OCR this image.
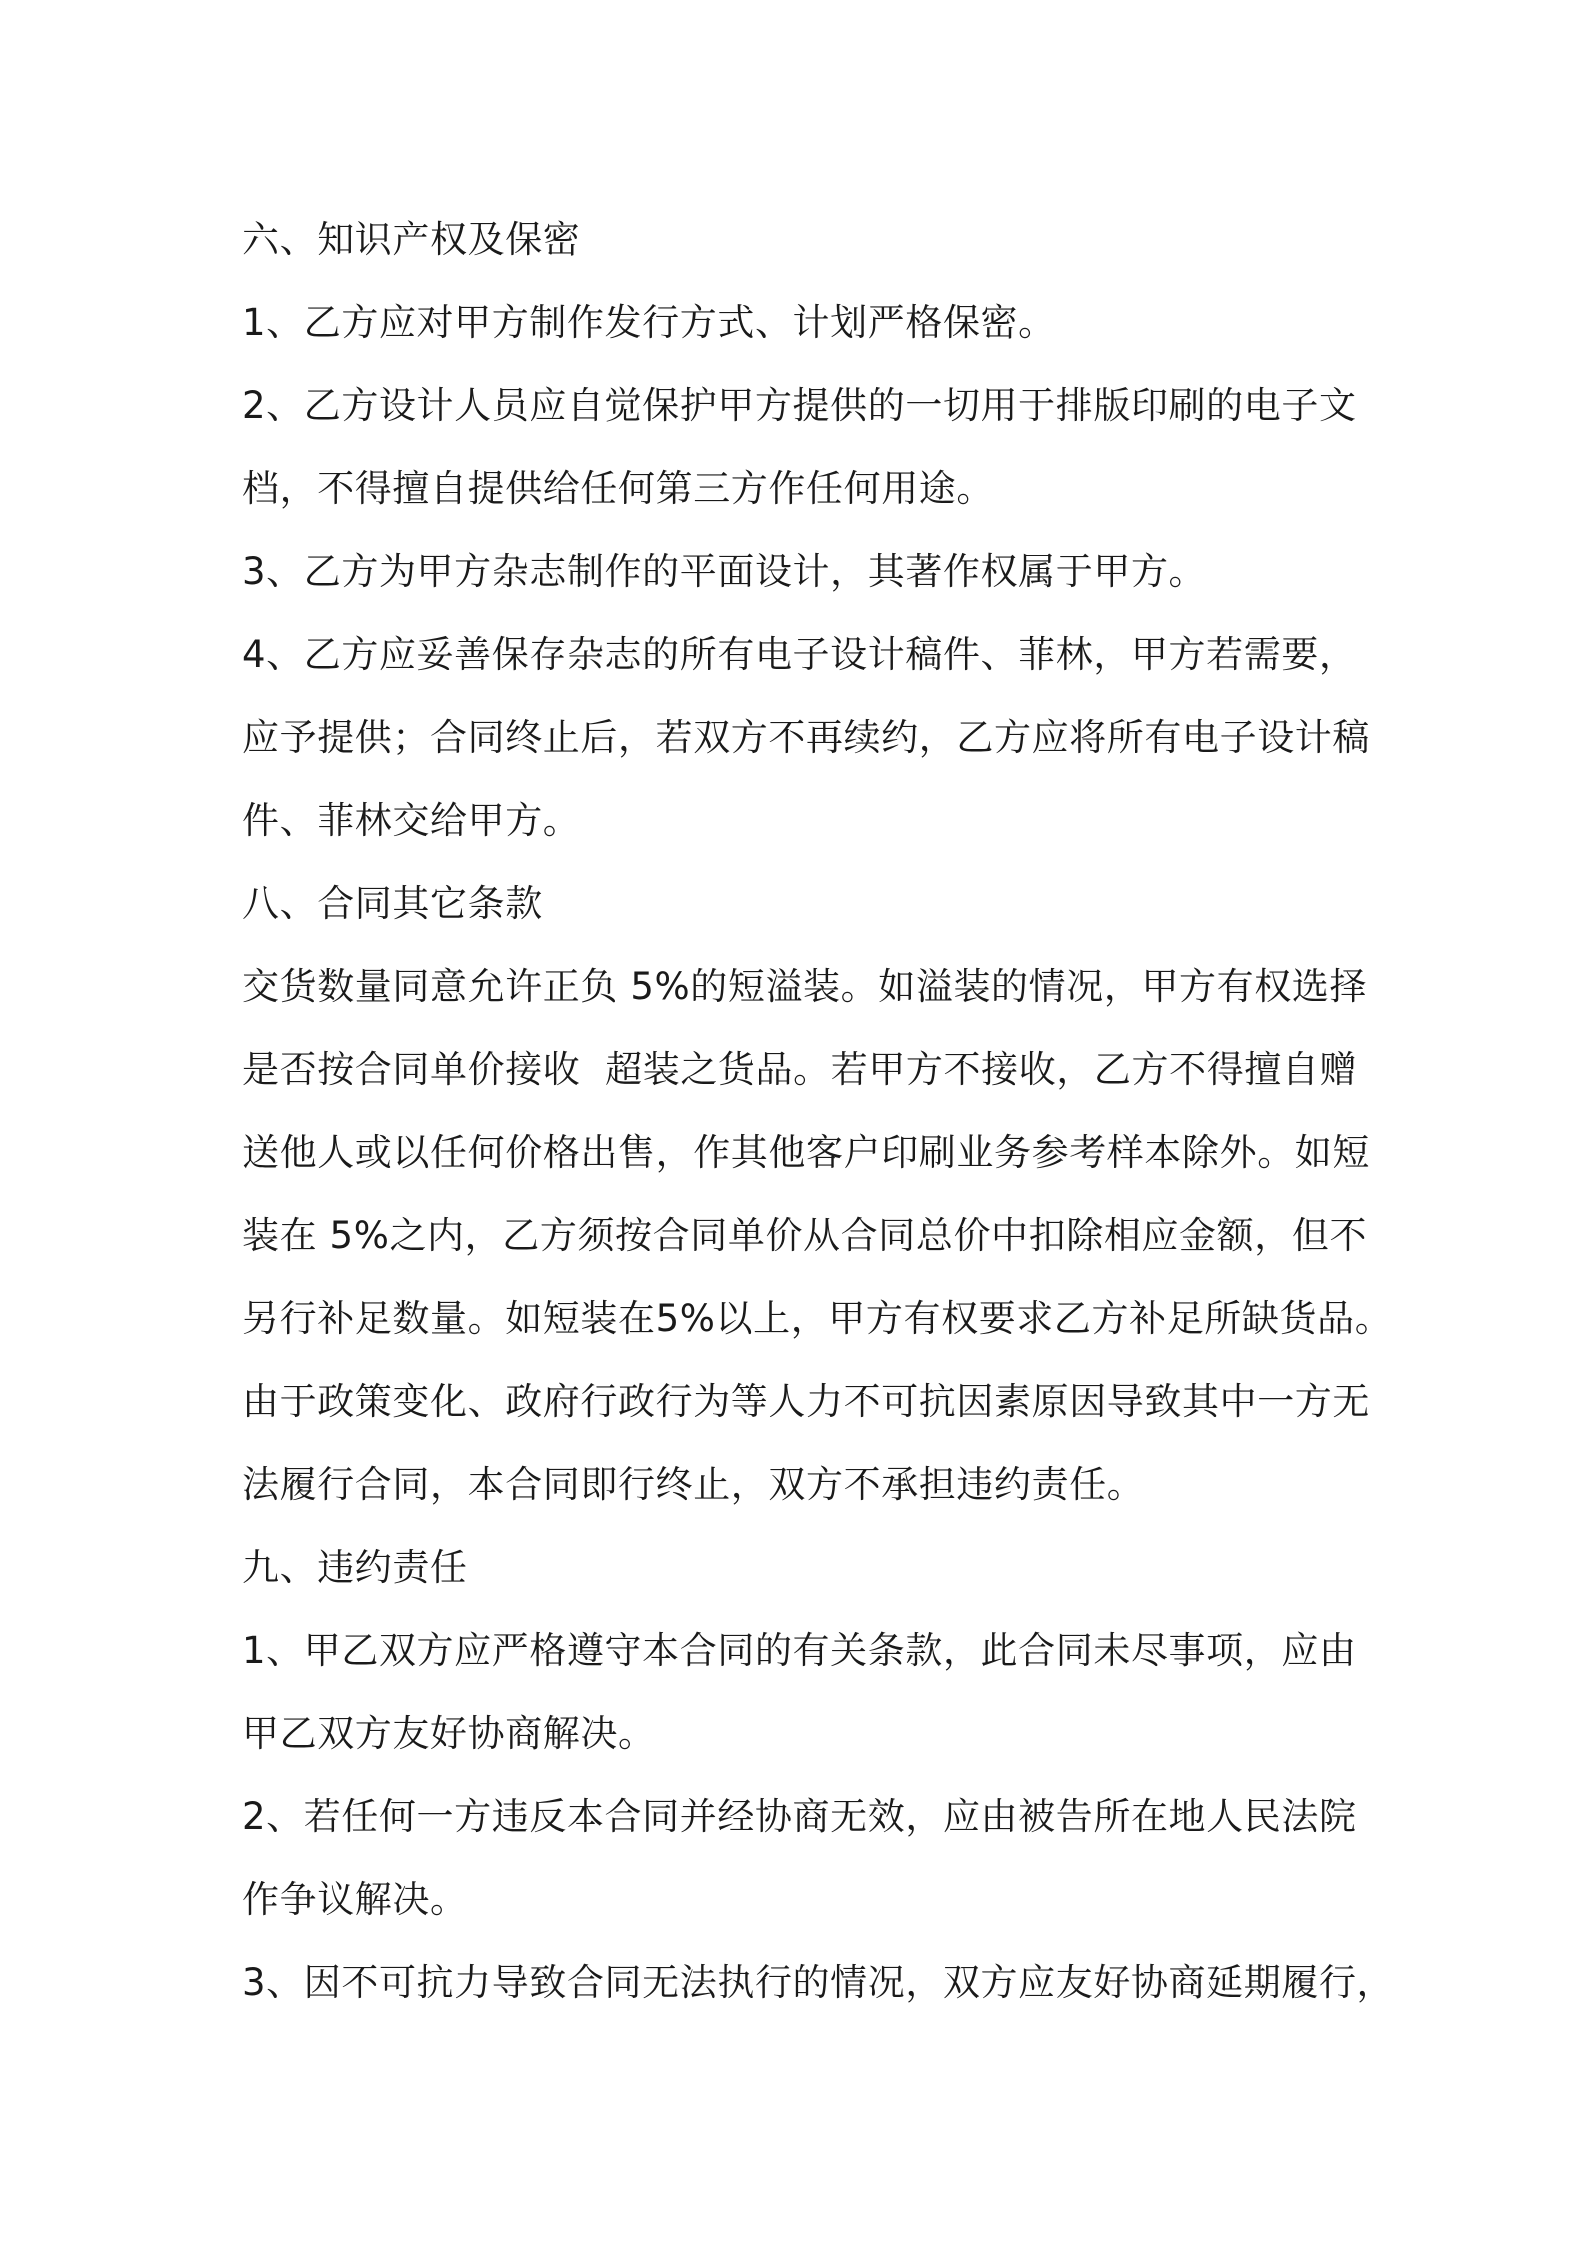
六、知识产权及保密
1、乙方应对甲方制作发行方式、计划严格保密。
2、乙方设计人员应自觉保护甲方提供的一切用于排版印刷的电子文
档，不得擅自提供给任何第三方作任何用途。
3、乙方为甲方杂志制作的平面设计，其著作权属于甲方。
4、乙方应妥善保存杂志的所有电子设计稿件、菲林，甲方若需要，
应予提供；合同终止后，若双方不再续约，乙方应将所有电子设计稿
件、菲林交给甲方。
八、合同其它条款
交货数量同意允许正负 5%的短溢装。如溢装的情况，甲方有权选择
是否按合同单价接收  超装之货品。若甲方不接收，乙方不得擅自赠
送他人或以任何价格出售，作其他客户印刷业务参考样本除外。如短
装在 5%之内，乙方须按合同单价从合同总价中扣除相应金额，但不
另行补足数量。如短装在5%以上，甲方有权要求乙方补足所缺货品。
由于政策变化、政府行政行为等人力不可抗因素原因导致其中一方无
法履行合同，本合同即行终止，双方不承担违约责任。
九、违约责任
1、甲乙双方应严格遵守本合同的有关条款，此合同未尽事项，应由
甲乙双方友好协商解决。
2、若任何一方违反本合同并经协商无效，应由被告所在地人民法院
作争议解决。
3、因不可抗力导致合同无法执行的情况，双方应友好协商延期履行，
